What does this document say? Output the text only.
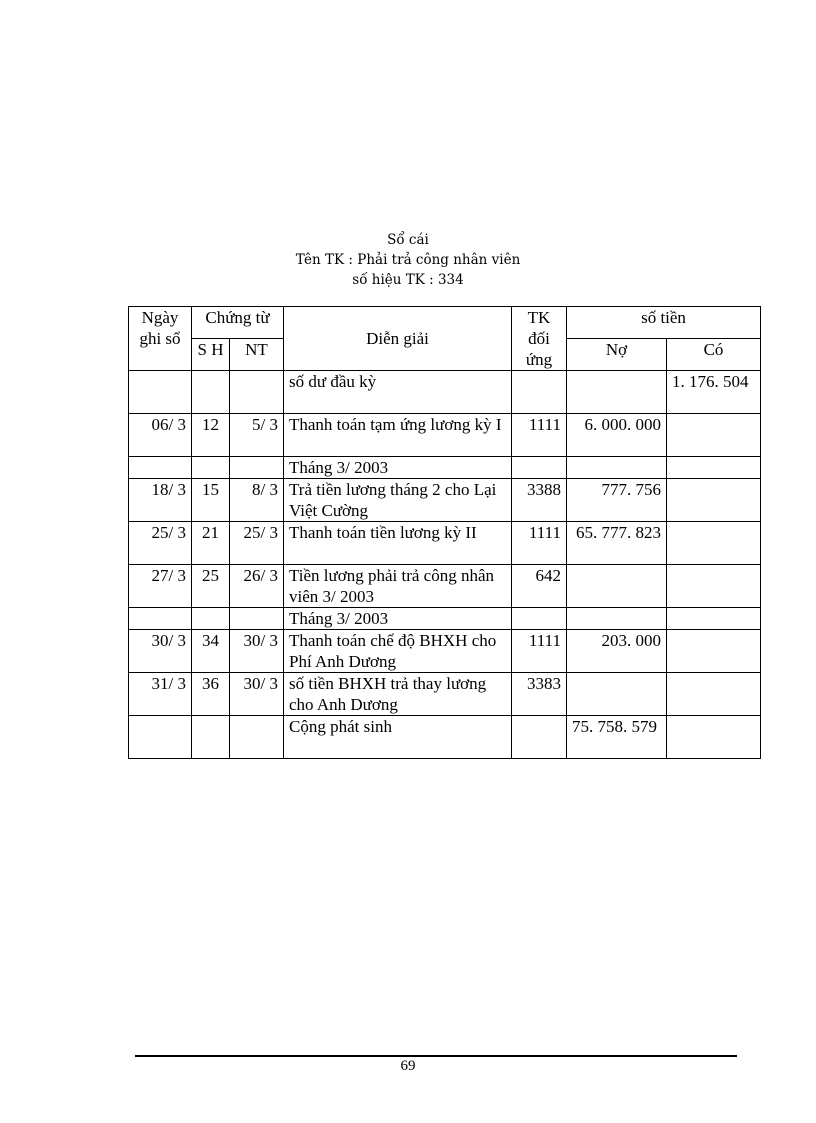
Sổ cái
Tên TK : Phải trả công nhân viên
số hiệu TK : 334
Ngày ghi sổ	Chứng từ		Diễn giải	TK đối ứng	số tiền	
	S H	NT			Nợ	Có
			số dư đầu kỳ			1. 176. 504
06/ 3	12	5/ 3	Thanh toán tạm ứng lương kỳ I	1111	6. 000. 000	
			Tháng 3/ 2003			
18/ 3	15	8/ 3	Trả tiền lương tháng 2 cho Lại Việt Cường	3388	777. 756	
25/ 3	21	25/ 3	Thanh toán tiền lương kỳ II	1111	65. 777. 823	
27/ 3	25	26/ 3	Tiền lương phải trả công nhân viên 3/ 2003	642		
			Tháng 3/ 2003			
30/ 3	34	30/ 3	Thanh toán chế độ BHXH cho Phí Anh Dương	1111	203. 000	
31/ 3	36	30/ 3	số tiền BHXH trả thay lương cho Anh Dương	3383		
			Cộng phát sinh		75. 758. 579	
69
